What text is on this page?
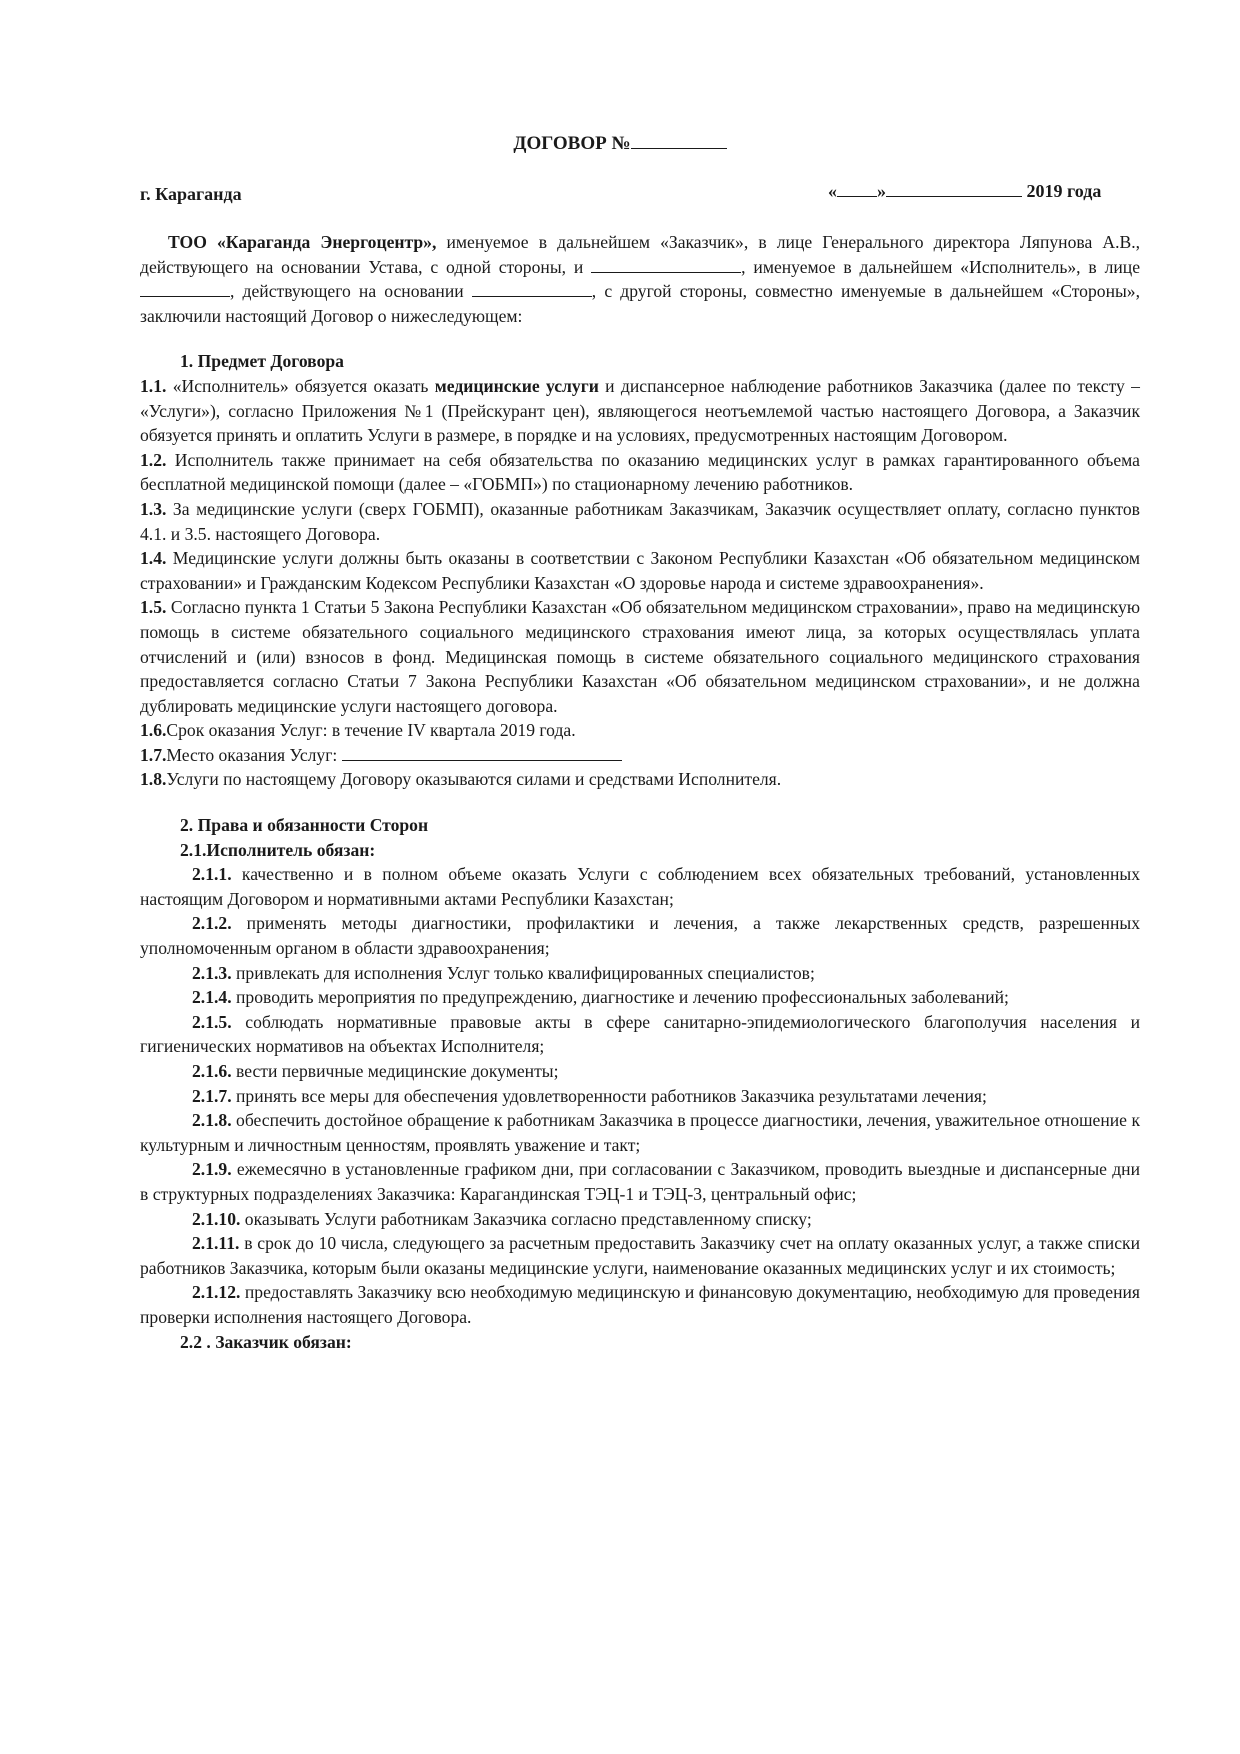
ДОГОВОР №
г. Караганда	« »	2019 года

ТОО «Караганда Энергоцентр», именуемое в дальнейшем «Заказчик», в лице Генерального директора Ляпунова А.В., действующего на основании Устава, с одной стороны, и	, именуемое в дальнейшем «Исполнитель», в лице , действующего на основании	, с другой стороны, совместно именуемые в дальнейшем «Стороны», заключили настоящий Договор о нижеследующем:

1. Предмет Договора

1.1. «Исполнитель» обязуется оказать медицинские услуги и диспансерное наблюдение работников Заказчика (далее по тексту – «Услуги»), согласно Приложения №1 (Прейскурант цен), являющегося неотъемлемой частью настоящего Договора, а Заказчик обязуется принять и оплатить Услуги в размере, в порядке и на условиях, предусмотренных настоящим Договором.

1.2. Исполнитель также принимает на себя обязательства по оказанию медицинских услуг в рамках гарантированного объема бесплатной медицинской помощи (далее – «ГОБМП») по стационарному лечению работников.

1.3. За медицинские услуги (сверх ГОБМП), оказанные работникам Заказчикам, Заказчик осуществляет оплату, согласно пунктов 4.1. и 3.5. настоящего Договора.

1.4. Медицинские услуги должны быть оказаны в соответствии с Законом Республики Казахстан «Об обязательном медицинском страховании» и Гражданским Кодексом Республики Казахстан «О здоровье народа и системе здравоохранения».

1.5. Согласно пункта 1 Статьи 5 Закона Республики Казахстан «Об обязательном медицинском страховании», право на медицинскую помощь в системе обязательного социального медицинского страхования имеют лица, за которых осуществлялась уплата отчислений и (или) взносов в фонд. Медицинская помощь в системе обязательного социального медицинского страхования предоставляется согласно Статьи 7 Закона Республики Казахстан «Об обязательном медицинском страховании», и не должна дублировать медицинские услуги настоящего договора.

1.6.Срок оказания Услуг: в течение IV квартала 2019 года.

1.7.Место оказания Услуг:

1.8.Услуги по настоящему Договору оказываются силами и средствами Исполнителя.

2. Права и обязанности Сторон

2.1.Исполнитель обязан:

2.1.1. качественно и в полном объеме оказать Услуги с соблюдением всех обязательных требований, установленных настоящим Договором и нормативными актами Республики Казахстан;

2.1.2. применять методы диагностики, профилактики и лечения, а также лекарственных средств, разрешенных уполномоченным органом в области здравоохранения;

2.1.3. привлекать для исполнения Услуг только квалифицированных специалистов;

2.1.4. проводить мероприятия по предупреждению, диагностике и лечению профессиональных заболеваний;

2.1.5. соблюдать нормативные правовые акты в сфере санитарно-эпидемиологического благополучия населения и гигиенических нормативов на объектах Исполнителя;

2.1.6. вести первичные медицинские документы;

2.1.7. принять все меры для обеспечения удовлетворенности работников Заказчика результатами лечения;

2.1.8. обеспечить достойное обращение к работникам Заказчика в процессе диагностики, лечения, уважительное отношение к культурным и личностным ценностям, проявлять уважение и такт;

2.1.9. ежемесячно в установленные графиком дни, при согласовании с Заказчиком, проводить выездные и диспансерные дни в структурных подразделениях Заказчика: Карагандинская ТЭЦ-1 и ТЭЦ-3, центральный офис;

2.1.10. оказывать Услуги работникам Заказчика согласно представленному списку;

2.1.11. в срок до 10 числа, следующего за расчетным предоставить Заказчику счет на оплату оказанных услуг, а также списки работников Заказчика, которым были оказаны медицинские услуги, наименование оказанных медицинских услуг и их стоимость;

2.1.12. предоставлять Заказчику всю необходимую медицинскую и финансовую документацию, необходимую для проведения проверки исполнения настоящего Договора.

2.2 . Заказчик обязан:
